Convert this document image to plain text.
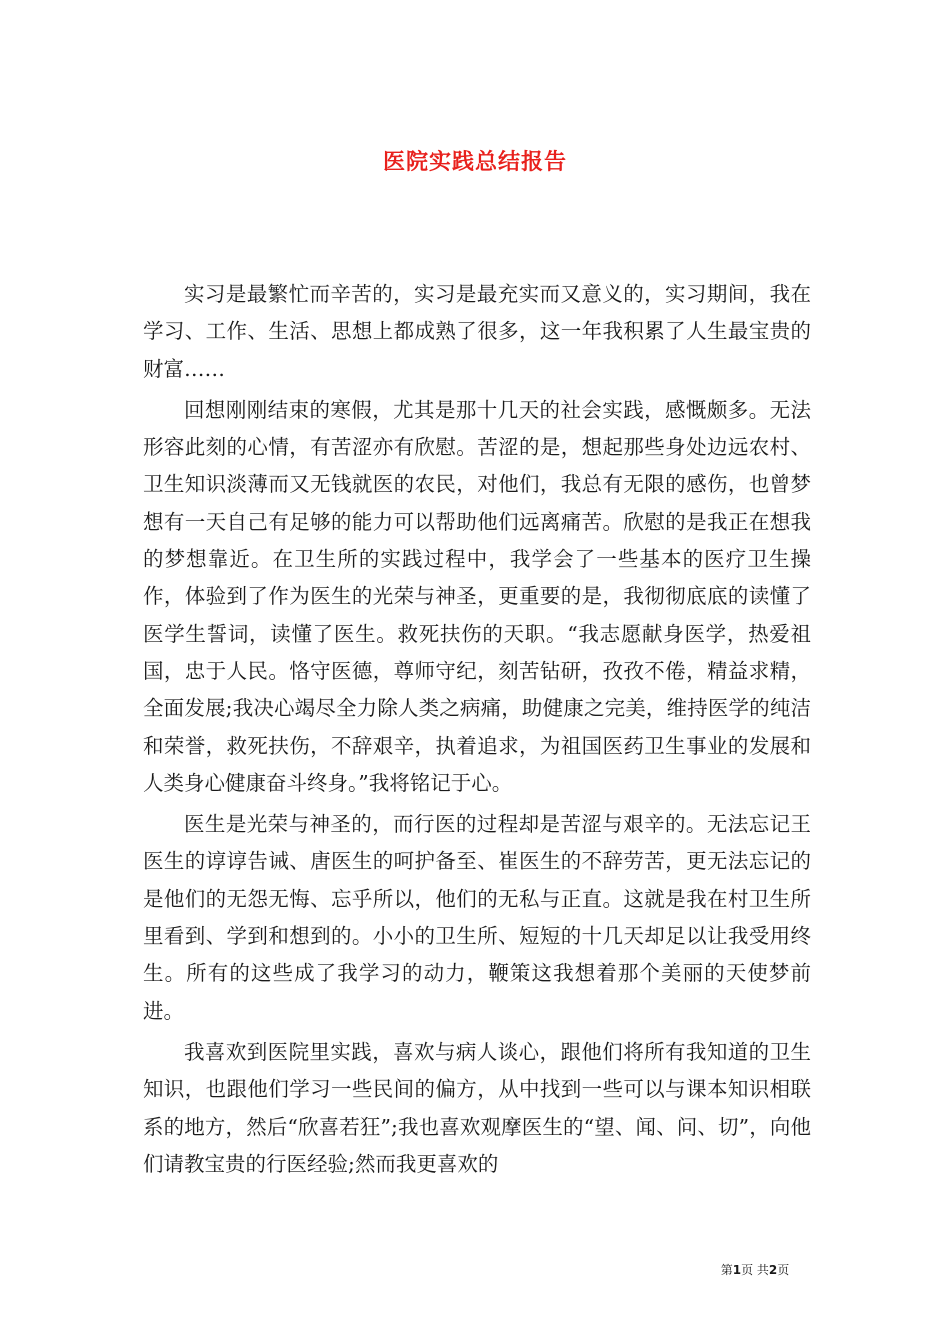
医院实践总结报告

实习是最繁忙而辛苦的，实习是最充实而又意义的，实习期间，我在学习、工作、生活、思想上都成熟了很多，这一年我积累了人生最宝贵的财富……

回想刚刚结束的寒假，尤其是那十几天的社会实践，感慨颇多。无法形容此刻的心情，有苦涩亦有欣慰。苦涩的是，想起那些身处边远农村、卫生知识淡薄而又无钱就医的农民，对他们，我总有无限的感伤，也曾梦想有一天自己有足够的能力可以帮助他们远离痛苦。欣慰的是我正在想我的梦想靠近。在卫生所的实践过程中，我学会了一些基本的医疗卫生操作，体验到了作为医生的光荣与神圣，更重要的是，我彻彻底底的读懂了医学生誓词，读懂了医生。救死扶伤的天职。“我志愿献身医学，热爱祖国，忠于人民。恪守医德，尊师守纪，刻苦钻研，孜孜不倦，精益求精，全面发展;我决心竭尽全力除人类之病痛，助健康之完美，维持医学的纯洁和荣誉，救死扶伤，不辞艰辛，执着追求，为祖国医药卫生事业的发展和人类身心健康奋斗终身。”我将铭记于心。

医生是光荣与神圣的，而行医的过程却是苦涩与艰辛的。无法忘记王医生的谆谆告诫、唐医生的呵护备至、崔医生的不辞劳苦，更无法忘记的是他们的无怨无悔、忘乎所以，他们的无私与正直。这就是我在村卫生所里看到、学到和想到的。小小的卫生所、短短的十几天却足以让我受用终生。所有的这些成了我学习的动力，鞭策这我想着那个美丽的天使梦前进。

我喜欢到医院里实践，喜欢与病人谈心，跟他们将所有我知道的卫生知识，也跟他们学习一些民间的偏方，从中找到一些可以与课本知识相联系的地方，然后“欣喜若狂”;我也喜欢观摩医生的“望、闻、问、切”，向他们请教宝贵的行医经验;然而我更喜欢的

第1页 共2页
